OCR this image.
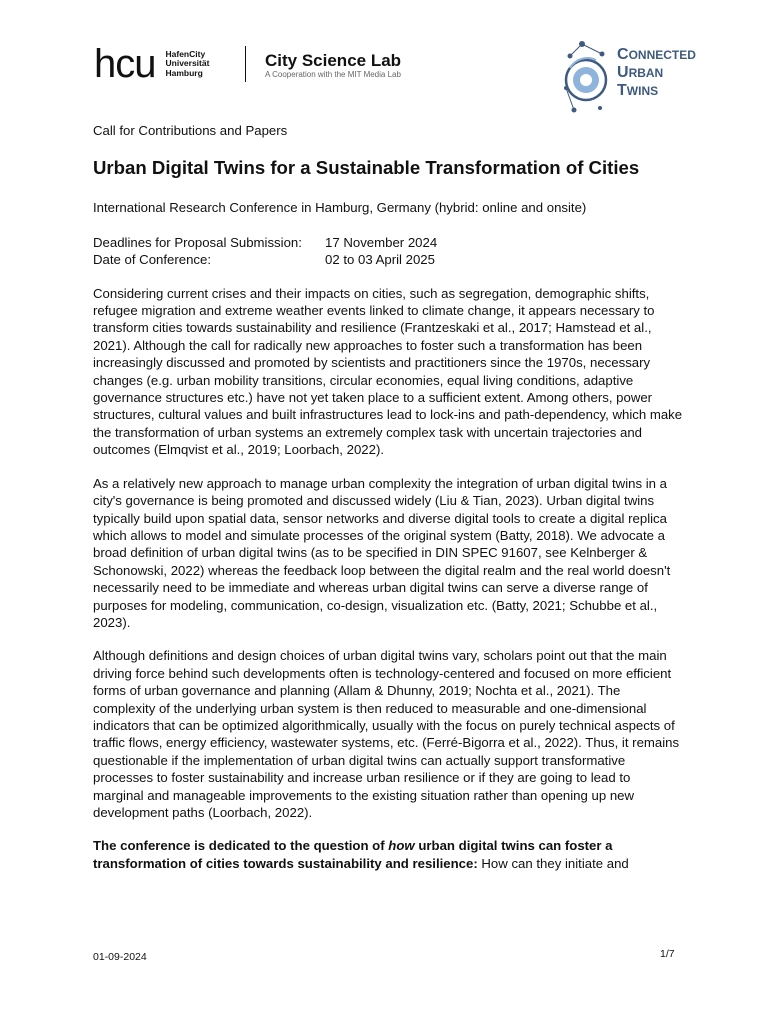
hcu HafenCity
Universität
Hamburg
City Science Lab
A Cooperation with the MIT Media Lab
CONNECTED
URBAN
TWINS

Call for Contributions and Papers

Urban Digital Twins for a Sustainable Transformation of Cities

International Research Conference in Hamburg, Germany (hybrid: online and onsite)

Deadlines for Proposal Submission:	17 November 2024
Date of Conference:	02 to 03 April 2025

Considering current crises and their impacts on cities, such as segregation, demographic shifts, refugee migration and extreme weather events linked to climate change, it appears necessary to transform cities towards sustainability and resilience (Frantzeskaki et al., 2017; Hamstead et al., 2021). Although the call for radically new approaches to foster such a transformation has been increasingly discussed and promoted by scientists and practitioners since the 1970s, necessary changes (e.g. urban mobility transitions, circular economies, equal living conditions, adaptive governance structures etc.) have not yet taken place to a sufficient extent. Among others, power structures, cultural values and built infrastructures lead to lock-ins and path-dependency, which make the transformation of urban systems an extremely complex task with uncertain trajectories and outcomes (Elmqvist et al., 2019; Loorbach, 2022).

As a relatively new approach to manage urban complexity the integration of urban digital twins in a city's governance is being promoted and discussed widely (Liu & Tian, 2023). Urban digital twins typically build upon spatial data, sensor networks and diverse digital tools to create a digital replica which allows to model and simulate processes of the original system (Batty, 2018). We advocate a broad definition of urban digital twins (as to be specified in DIN SPEC 91607, see Kelnberger & Schonowski, 2022) whereas the feedback loop between the digital realm and the real world doesn't necessarily need to be immediate and whereas urban digital twins can serve a diverse range of purposes for modeling, communication, co-design, visualization etc. (Batty, 2021; Schubbe et al., 2023).

Although definitions and design choices of urban digital twins vary, scholars point out that the main driving force behind such developments often is technology-centered and focused on more efficient forms of urban governance and planning (Allam & Dhunny, 2019; Nochta et al., 2021). The complexity of the underlying urban system is then reduced to measurable and one-dimensional indicators that can be optimized algorithmically, usually with the focus on purely technical aspects of traffic flows, energy efficiency, wastewater systems, etc. (Ferré-Bigorra et al., 2022). Thus, it remains questionable if the implementation of urban digital twins can actually support transformative processes to foster sustainability and increase urban resilience or if they are going to lead to marginal and manageable improvements to the existing situation rather than opening up new development paths (Loorbach, 2022).

The conference is dedicated to the question of how urban digital twins can foster a transformation of cities towards sustainability and resilience: How can they initiate and

01-09-2024	1/7
